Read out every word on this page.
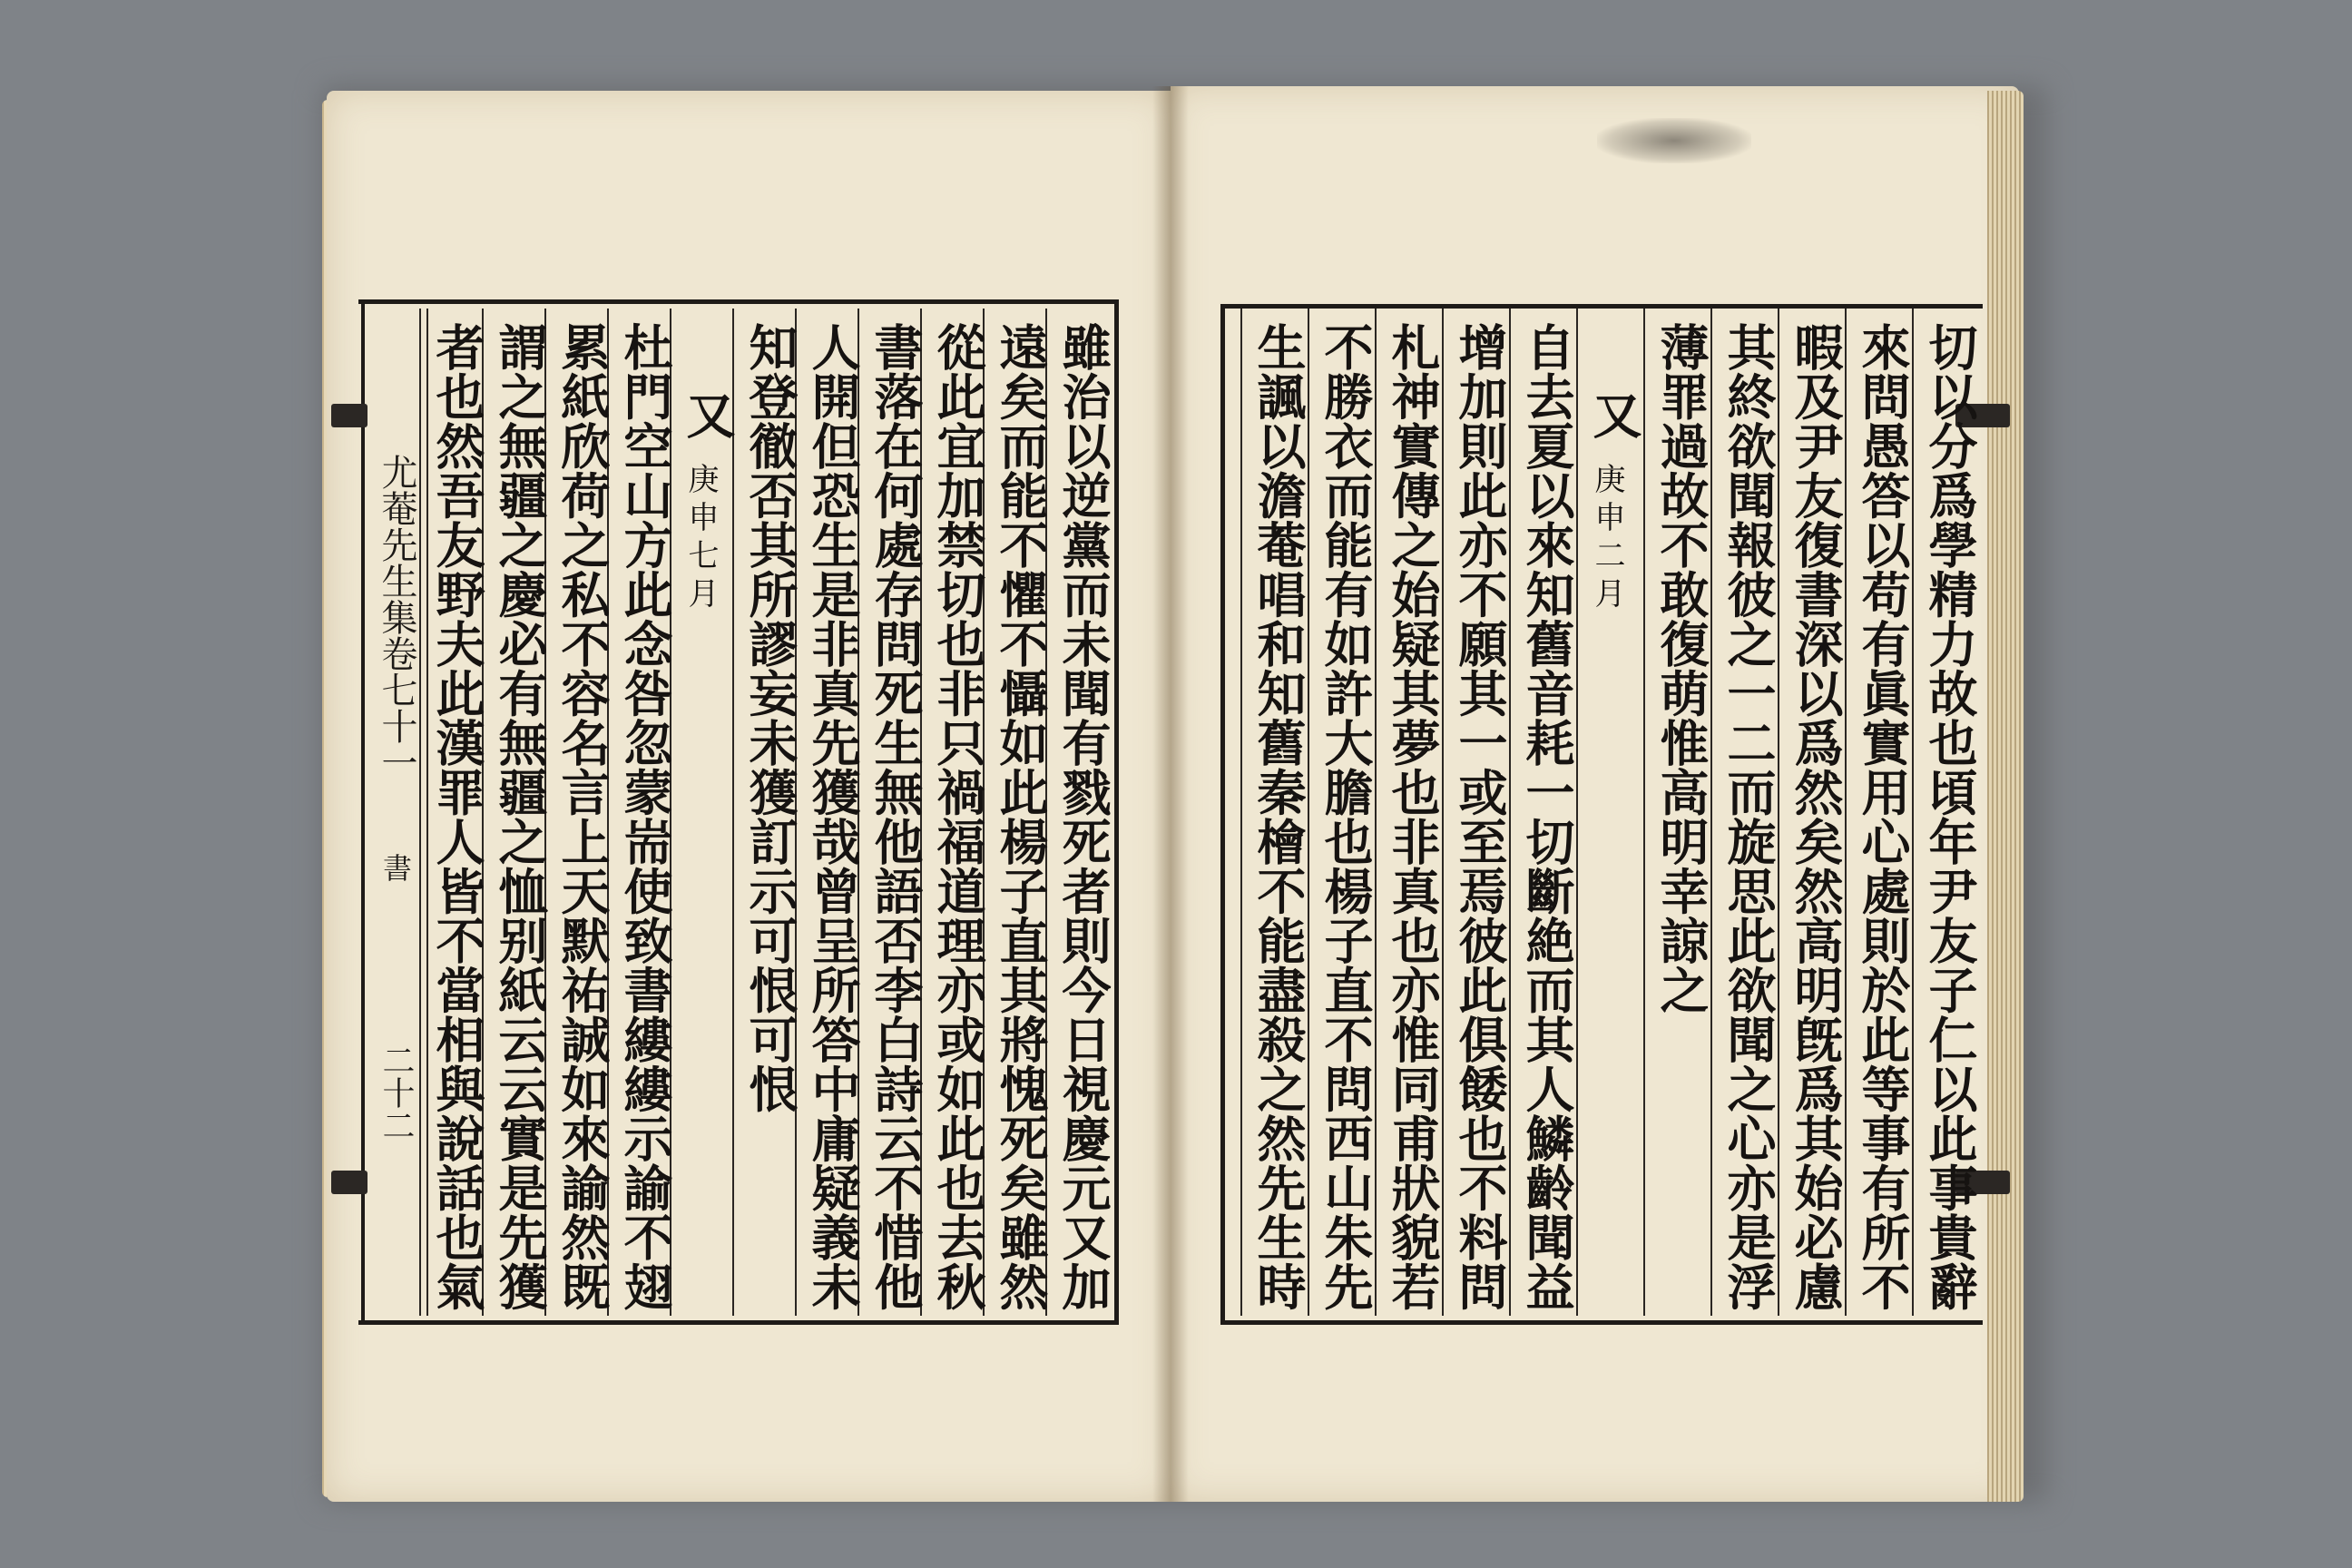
尤菴先生集卷七十一
書
二十二	雖治以逆黨而未聞有戮死者則今日視慶元又加
遠矣而能不懼不懾如此楊子直其將愧死矣雖然
從此宜加禁切也非只禍福道理亦或如此也去秋
書落在何處存問死生無他語否李白詩云不惜他
人開但恐生是非真先獲哉曾呈所答中庸疑義未
知登徹否其所謬妄未獲訂示可恨可恨
又
庚申七月
杜門空山方此念咎忽蒙耑使致書縷縷示諭不翅
累紙欣荷之私不容名言上天默祐誠如來諭然既
謂之無疆之慶必有無疆之恤别紙云云實是先獲
者也然吾友野夫此漢罪人皆不當相與說話也氣	切以分爲學精力故也頃年尹友子仁以此事貴辭
來問愚答以苟有眞實用心處則於此等事有所不
暇及尹友復書深以爲然矣然高明旣爲其始必慮
其終欲聞報彼之一二而旋思此欲聞之心亦是浮
薄罪過故不敢復萌惟高明幸諒之
又
庚申二月
自去夏以來知舊音耗一切斷絶而其人鱗齡聞益
增加則此亦不願其一或至焉彼此俱餧也不料問
札神實傳之始疑其夢也非真也亦惟同甫狀貌若
不勝衣而能有如許大膽也楊子直不問西山朱先
生諷以澹菴唱和知舊秦檜不能盡殺之然先生時
